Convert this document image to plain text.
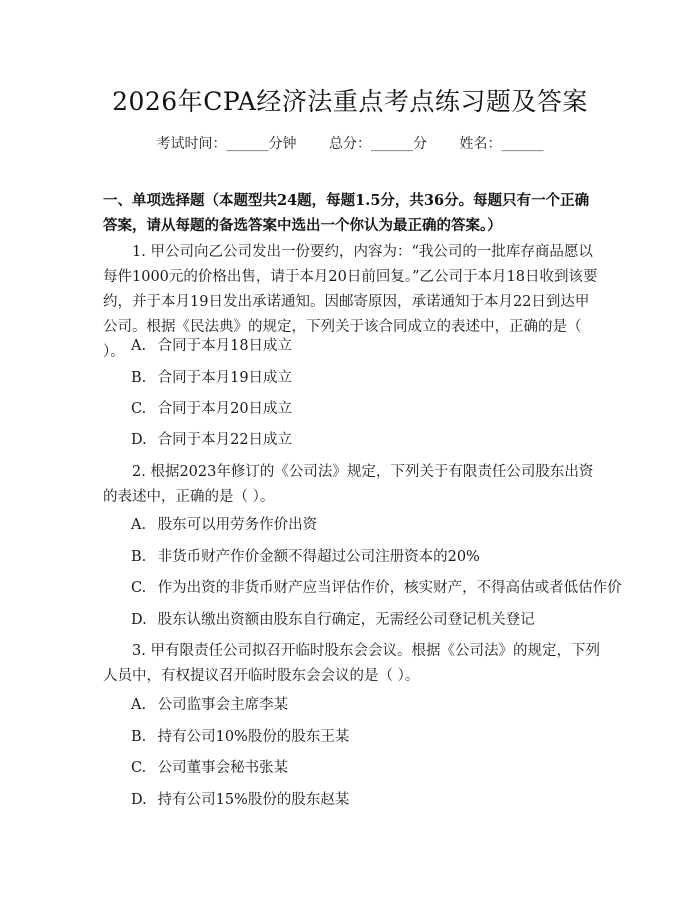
2026年CPA经济法重点考点练习题及答案
考试时间：______分钟 总分：______分 姓名：______
一、单项选择题（本题型共24题，每题1.5分，共36分。每题只有一个正确答案，请从每题的备选答案中选出一个你认为最正确的答案。）
1. 甲公司向乙公司发出一份要约，内容为：“我公司的一批库存商品愿以每件1000元的价格出售，请于本月20日前回复。”乙公司于本月18日收到该要约，并于本月19日发出承诺通知。因邮寄原因，承诺通知于本月22日到达甲公司。根据《民法典》的规定，下列关于该合同成立的表述中，正确的是（ ）。 A. 合同于本月18日成立
B. 合同于本月19日成立
C. 合同于本月20日成立
D. 合同于本月22日成立
2. 根据2023年修订的《公司法》规定，下列关于有限责任公司股东出资的表述中，正确的是（ ）。
A. 股东可以用劳务作价出资
B. 非货币财产作价金额不得超过公司注册资本的20%
C. 作为出资的非货币财产应当评估作价，核实财产，不得高估或者低估作价
D. 股东认缴出资额由股东自行确定，无需经公司登记机关登记
3. 甲有限责任公司拟召开临时股东会会议。根据《公司法》的规定，下列人员中，有权提议召开临时股东会会议的是（ ）。
A. 公司监事会主席李某
B. 持有公司10%股份的股东王某
C. 公司董事会秘书张某
D. 持有公司15%股份的股东赵某
